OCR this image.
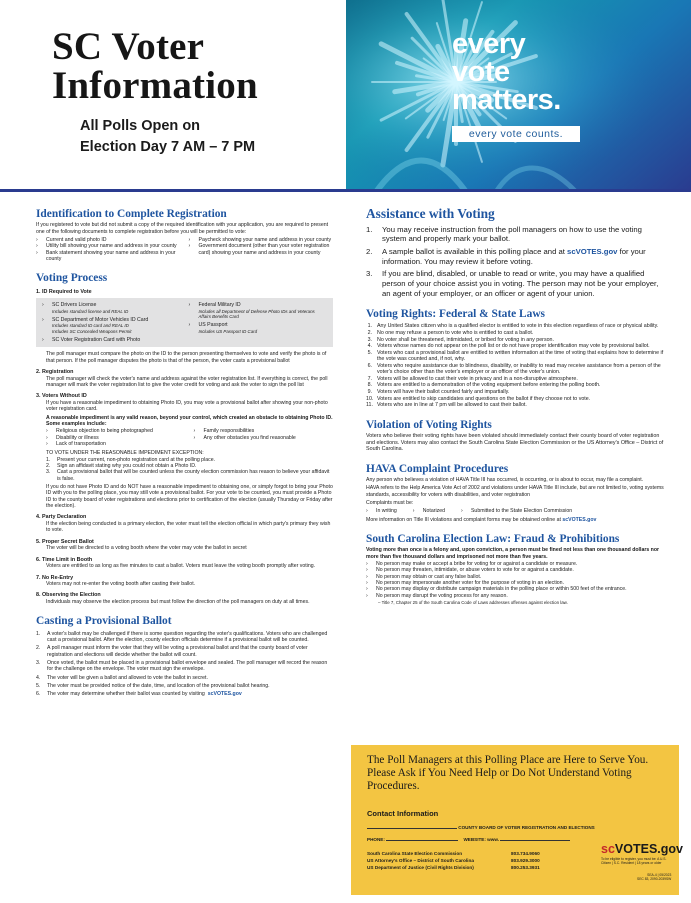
SC Voter
Information
All Polls Open on
Election Day 7 AM – 7 PM
every
vote
matters.
every vote counts.
Identification to Complete Registration
If you registered to vote but did not submit a copy of the required identification with your application, you are required to present one of the following documents to complete registration before you will be permitted to vote:
›	Current and valid photo ID
›	Utility bill showing your name and address in your county
›	Bank statement showing your name and address in your county
›	Paycheck showing your name and address in your county
›	Government document (other than your voter registration card) showing your name and address in your county
Voting Process
1. ID Required to Vote
›	SC Drivers License
Includes standard license and REAL ID
›	SC Department of Motor Vehicles ID Card
Includes standard ID card and REAL ID
Includes SC Concealed Weapons Permit
›	SC Voter Registration Card with Photo
›	Federal Military ID
Includes all Department of Defense Photo IDs and Veterans Affairs Benefits Card
›	US Passport
Includes US Passport ID Card
The poll manager must compare the photo on the ID to the person presenting themselves to vote and verify the photo is of that person. If the poll manager disputes the photo is that of the person, the voter casts a provisional ballot
2. Registration
The poll manager will check the voter's name and address against the voter registration list. If everything is correct, the poll manager will mark the voter registration list to give the voter credit for voting and ask the voter to sign the poll list
3. Voters Without ID
If you have a reasonable impediment to obtaining Photo ID, you may vote a provisional ballot after showing your non-photo voter registration card.
A reasonable impediment is any valid reason, beyond your control, which created an obstacle to obtaining Photo ID. Some examples include:
›	Religious objection to being photographed
›	Disability or illness
›	Lack of transportation
›	Family responsibilities
›	Any other obstacles you find reasonable
TO VOTE UNDER THE REASONABLE IMPEDIMENT EXCEPTION:
1.	Present your current, non-photo registration card at the polling place.
2.	Sign an affidavit stating why you could not obtain a Photo ID.
3.	Cast a provisional ballot that will be counted unless the county election commission has reason to believe your affidavit is false.
If you do not have Photo ID and do NOT have a reasonable impediment to obtaining one, or simply forgot to bring your Photo ID with you to the polling place, you may still vote a provisional ballot. For your vote to be counted, you must provide a Photo ID to the county board of voter registrations and elections prior to certification of the election (usually Thursday or Friday after the election).
4. Party Declaration
If the election being conducted is a primary election, the voter must tell the election official in which party's primary they wish to vote.
5. Proper Secret Ballot
The voter will be directed to a voting booth where the voter may vote the ballot in secret
6. Time Limit in Booth
Voters are entitled to as long as five minutes to cast a ballot. Voters must leave the voting booth promptly after voting.
7. No Re-Entry
Voters may not re-enter the voting booth after casting their ballot.
8. Observing the Election
Individuals may observe the election process but must follow the direction of the poll managers on duty at all times.
Casting a Provisional Ballot
1.	A voter's ballot may be challenged if there is some question regarding the voter's qualifications. Voters who are challenged cast a provisional ballot. After the election, county election officials determine if a provisional ballot will be counted.
2.	A poll manager must inform the voter that they will be voting a provisional ballot and that the county board of voter registration and elections will decide whether the ballot will count.
3.	Once voted, the ballot must be placed in a provisional ballot envelope and sealed. The poll manager will record the reason for the challenge on the envelope. The voter must sign the envelope.
4.	The voter will be given a ballot and allowed to vote the ballot in secret.
5.	The voter must be provided notice of the date, time, and location of the provisional ballot hearing.
6.	The voter may determine whether their ballot was counted by visiting scVOTES.gov
Assistance with Voting
1.	You may receive instruction from the poll managers on how to use the voting system and properly mark your ballot.
2.	A sample ballot is available in this polling place and at scVOTES.gov for your information. You may review it before voting.
3.	If you are blind, disabled, or unable to read or write, you may have a qualified person of your choice assist you in voting. The person may not be your employer, an agent of your employer, or an officer or agent of your union.
Voting Rights: Federal & State Laws
1. Any United States citizen who is a qualified elector is entitled to vote in this election regardless of race or physical ability.
2. No one may refuse a person to vote who is entitled to cast a ballot.
3. No voter shall be threatened, intimidated, or bribed for voting in any person.
4. Voters whose names do not appear on the poll list or do not have proper identification may vote by provisional ballot.
5. Voters who cast a provisional ballot are entitled to written information at the time of voting that explains how to determine if the vote was counted and, if not, why.
6. Voters who require assistance due to blindness, disability, or inability to read may receive assistance from a person of the voter's choice other than the voter's employer or an officer of the voter's union.
7. Voters will be allowed to cast their vote in privacy and in a non-disruptive atmosphere.
8. Voters are entitled to a demonstration of the voting equipment before entering the polling booth.
9. Voters will have their ballot counted fairly and impartially.
10. Voters are entitled to skip candidates and questions on the ballot if they choose not to vote.
11. Voters who are in line at 7 pm will be allowed to cast their ballot.
Violation of Voting Rights
Voters who believe their voting rights have been violated should immediately contact their county board of voter registration and elections. Voters may also contact the South Carolina State Election Commission or the US Attorney's Office – District of South Carolina.
HAVA Complaint Procedures
Any person who believes a violation of HAVA Title III has occurred, is occurring, or is about to occur, may file a complaint.
HAVA refers to the Help America Vote Act of 2002 and violations under HAVA Title III include, but are not limited to, voting systems standards, accessibility for voters with disabilities, and voter registration
Complaints must be:
›	In writing	›	Notarized	›	Submitted to the State Election Commission
More information on Title III violations and complaint forms may be obtained online at scVOTES.gov
South Carolina Election Law: Fraud & Prohibitions
Voting more than once is a felony and, upon conviction, a person must be fined not less than one thousand dollars nor more than five thousand dollars and imprisoned not more than five years.
›	No person may make or accept a bribe for voting for or against a candidate or measure.
›	No person may threaten, intimidate, or abuse voters to vote for or against a candidate.
›	No person may obtain or cast any false ballot.
›	No person may impersonate another voter for the purpose of voting in an election.
›	No person may display or distribute campaign materials in the polling place or within 500 feet of the entrance.
›	No person may disrupt the voting process for any reason.
– Title 7, Chapter 25 of the South Carolina Code of Laws addresses offenses against election law.
The Poll Managers at this Polling Place are Here to Serve You. Please Ask if You Need Help or Do Not Understand Voting Procedures.
Contact Information
COUNTY BOARD OF VOTER REGISTRATION AND ELECTIONS
PHONE:	WEBSITE: www.
South Carolina State Election Commission	803.734.9060
US Attorney's Office – District of South Carolina	803.929.3000
US Department of Justice (Civil Rights Division)	800.253.3931
scVOTES.gov
To be eligible to register, you must be: A U.S. Citizen | S.C. Resident | 18 years or older
SEA-4 | 05/2023
SEC 83, 2090-2039SW
